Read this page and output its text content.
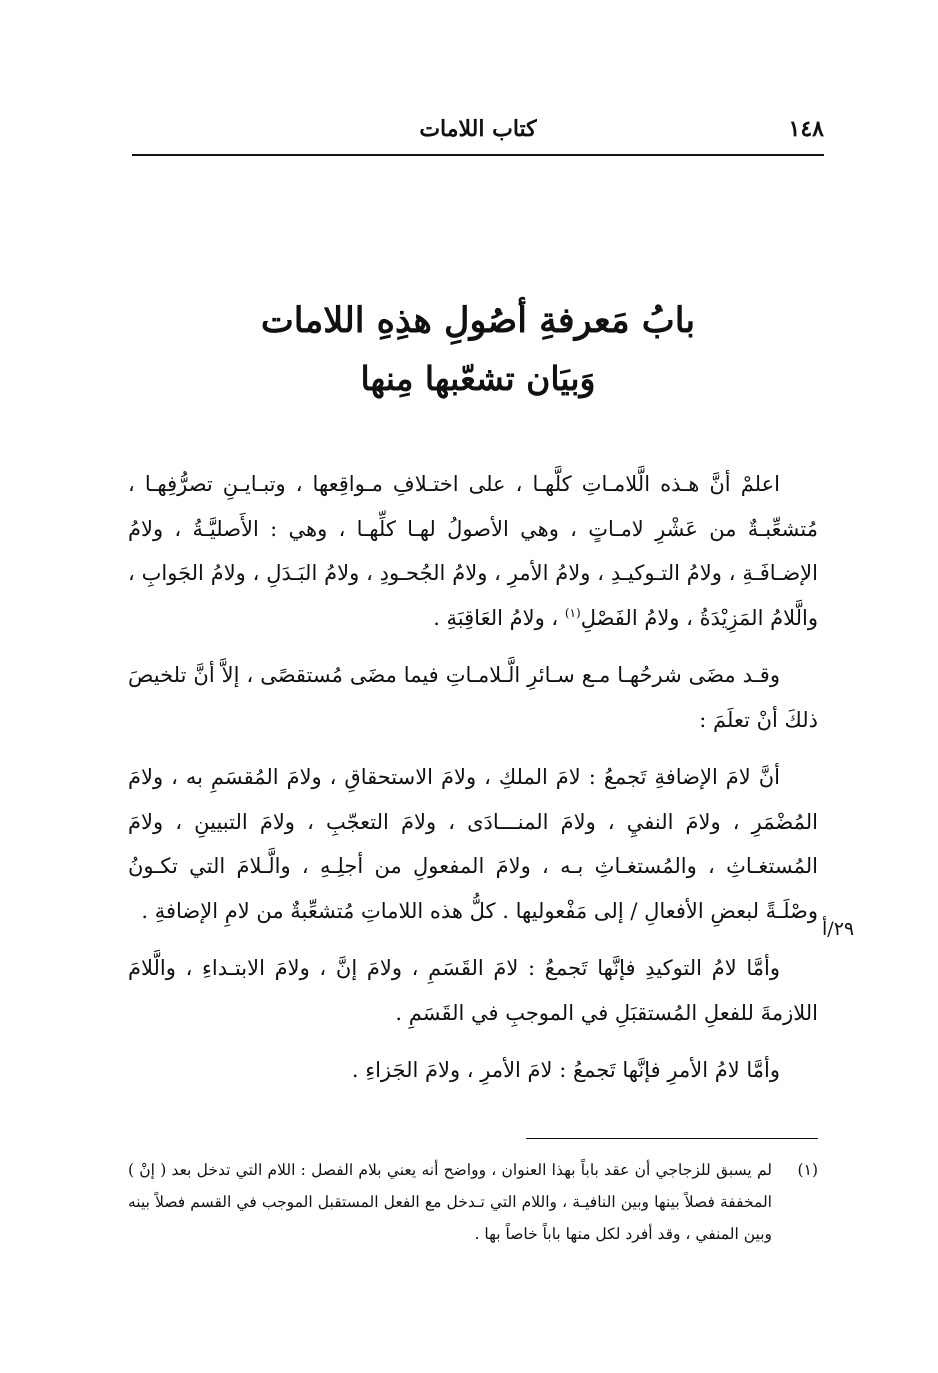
١٤٨
كتاب اللامات
بابُ مَعرفةِ أصُولِ هذِهِ اللامات
وَبيَان تشعّبها مِنها

اعلمْ أنَّ هـذه الَّلامـاتِ كلَّهـا ، على اختـلافِ مـواقِعها ، وتبـايـنِ تصرُّفِهـا ، مُتشعِّبـةٌ من عَشْرِ لامـاتٍ ، وهي الأصولُ لهـا كلِّهـا ، وهي : الأَصليَّـةُ ، ولامُ الإضـافَـةِ ، ولامُ التـوكيـدِ ، ولامُ الأمرِ ، ولامُ الجُحـودِ ، ولامُ البَـدَلِ ، ولامُ الجَوابِ ، والَّلامُ المَزِيْدَةُ ، ولامُ الفَصْلِ$^{(١)}$ ، ولامُ العَاقِبَةِ .

وقـد مضَى شرحُهـا مـع سـائرِ الَّـلامـاتِ فيما مضَى مُستقصًى ، إلاَّ أنَّ تلخيصَ ذلكَ أنْ تعلَمَ :

أنَّ لامَ الإضافةِ تَجمعُ : لامَ الملكِ ، ولامَ الاستحقاقِ ، ولامَ المُقسَمِ به ، ولامَ المُضْمَرِ ، ولامَ النفيِ ، ولامَ المنـــادَى ، ولامَ التعجّبِ ، ولامَ التبيينِ ، ولامَ المُستغـاثِ ، والمُستغـاثِ بـه ، ولامَ المفعولِ من أجلِـهِ ، والَّـلامَ التي تكـونُ وصْلَـةً لبعضِ الأفعالِ / إلى مَفْعوليها . كلُّ هذه اللاماتِ مُتشعِّبةٌ من لامِ الإضافةِ .

وأمَّا لامُ التوكيدِ فإنَّها تَجمعُ : لامَ القَسَمِ ، ولامَ إنَّ ، ولامَ الابتـداءِ ، والَّلامَ اللازمةَ للفعلِ المُستقبَلِ في الموجبِ في القَسَمِ .

وأمَّا لامُ الأمرِ فإنَّها تَجمعُ : لامَ الأمرِ ، ولامَ الجَزاءِ .

٢٩/أ
(١)
لم يسبق للزجاجي أن عقد باباً بهذا العنوان ، وواضح أنه يعني بلام الفصل : اللام التي تدخل بعد ( إنْ ) المخففة فصلاً بينها وبين النافيـة ، واللام التي تـدخل مع الفعل المستقبل الموجب في القسم فصلاً بينه وبين المنفي ، وقد أفرد لكل منها باباً خاصاً بها .
